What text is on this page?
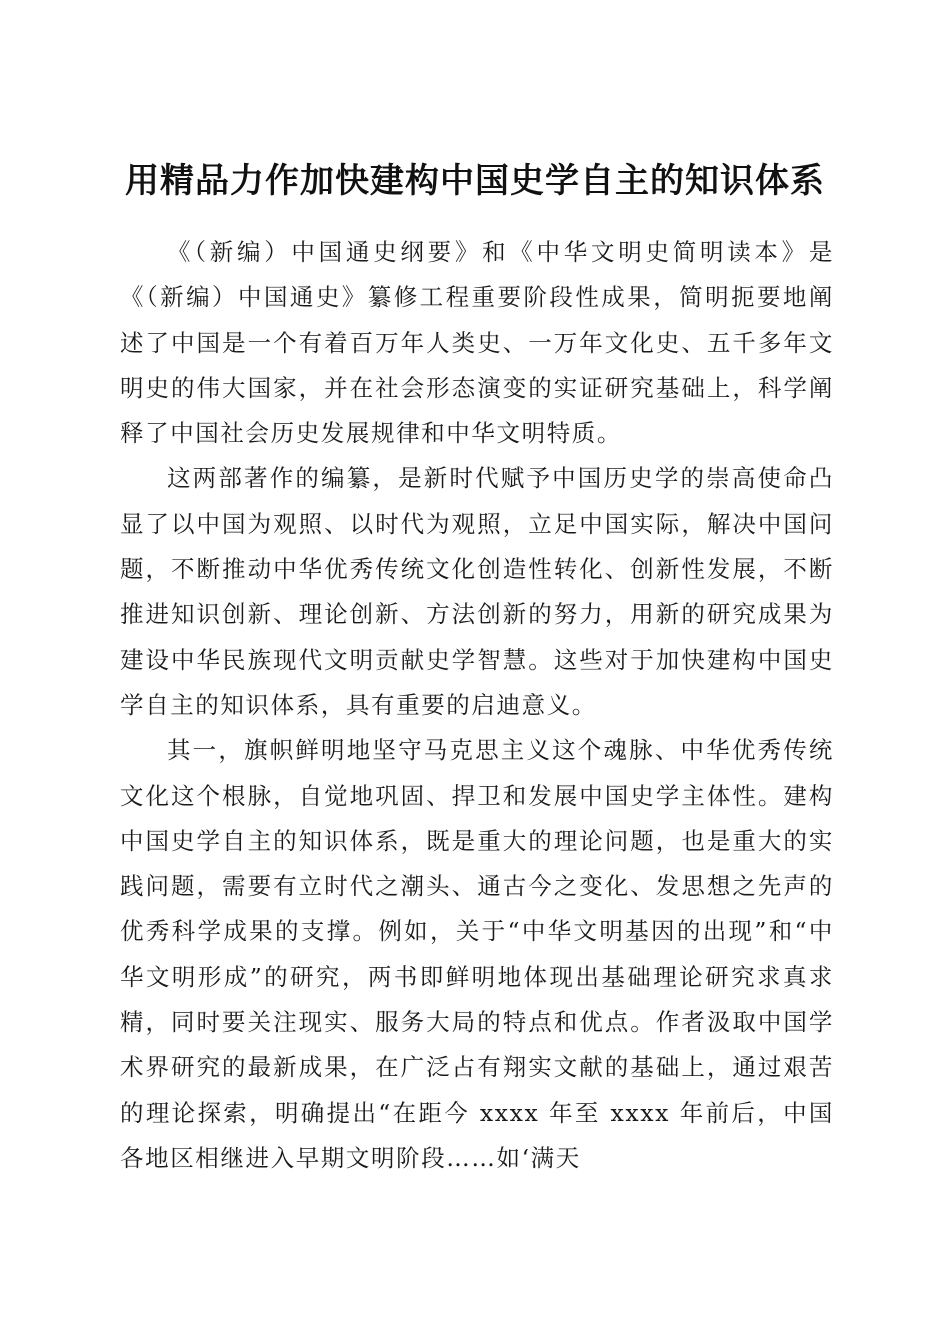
用精品力作加快建构中国史学自主的知识体系

《（新编）中国通史纲要》和《中华文明史简明读本》是《（新编）中国通史》纂修工程重要阶段性成果，简明扼要地阐述了中国是一个有着百万年人类史、一万年文化史、五千多年文明史的伟大国家，并在社会形态演变的实证研究基础上，科学阐释了中国社会历史发展规律和中华文明特质。

这两部著作的编纂，是新时代赋予中国历史学的崇高使命凸显了以中国为观照、以时代为观照，立足中国实际，解决中国问题，不断推动中华优秀传统文化创造性转化、创新性发展，不断推进知识创新、理论创新、方法创新的努力，用新的研究成果为建设中华民族现代文明贡献史学智慧。这些对于加快建构中国史学自主的知识体系，具有重要的启迪意义。

其一，旗帜鲜明地坚守马克思主义这个魂脉、中华优秀传统文化这个根脉，自觉地巩固、捍卫和发展中国史学主体性。建构中国史学自主的知识体系，既是重大的理论问题，也是重大的实践问题，需要有立时代之潮头、通古今之变化、发思想之先声的优秀科学成果的支撑。例如，关于“中华文明基因的出现”和“中华文明形成”的研究，两书即鲜明地体现出基础理论研究求真求精，同时要关注现实、服务大局的特点和优点。作者汲取中国学术界研究的最新成果，在广泛占有翔实文献的基础上，通过艰苦的理论探索，明确提出“在距今 xxxx 年至 xxxx 年前后，中国各地区相继进入早期文明阶段……如‘满天
